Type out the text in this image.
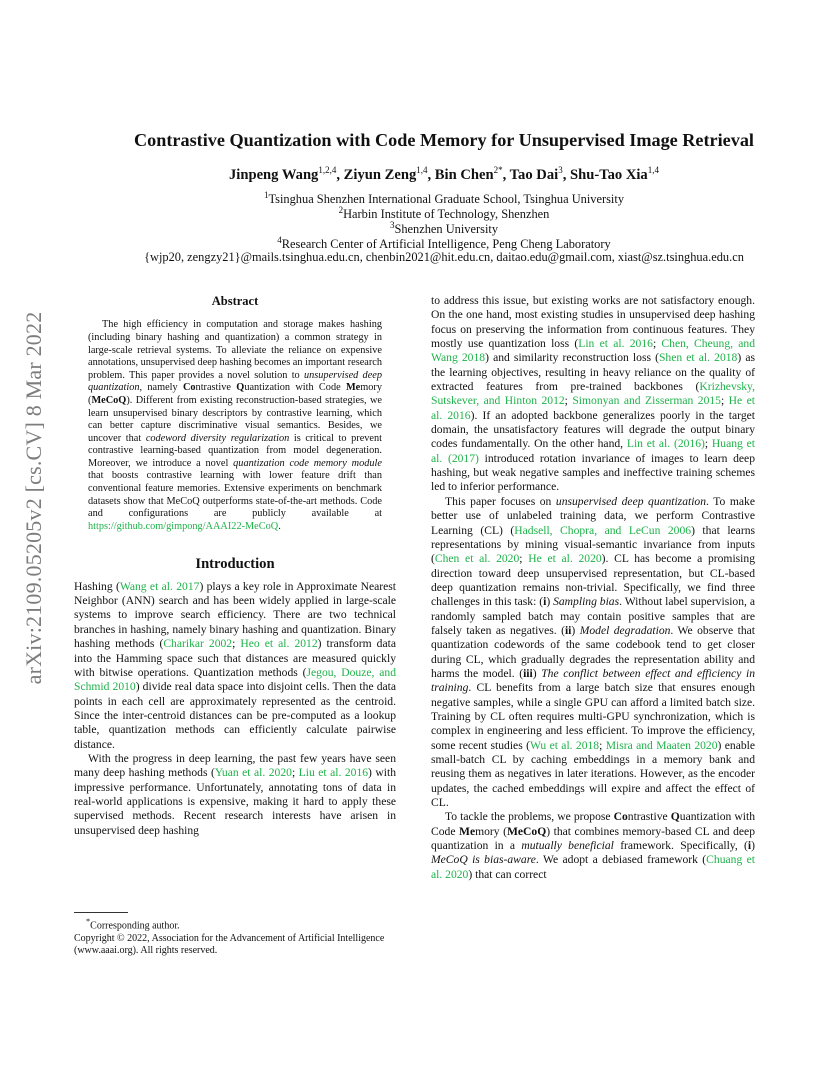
arXiv:2109.05205v2 [cs.CV] 8 Mar 2022
Contrastive Quantization with Code Memory for Unsupervised Image Retrieval
Jinpeng Wang$^{1,2,4}$, Ziyun Zeng$^{1,4}$, Bin Chen$^{2*}$, Tao Dai$^3$, Shu-Tao Xia$^{1,4}$
$^1$Tsinghua Shenzhen International Graduate School, Tsinghua University
$^2$Harbin Institute of Technology, Shenzhen
$^3$Shenzhen University
$^4$Research Center of Artificial Intelligence, Peng Cheng Laboratory
{wjp20, zengzy21}@mails.tsinghua.edu.cn, chenbin2021@hit.edu.cn, daitao.edu@gmail.com, xiast@sz.tsinghua.edu.cn

Abstract

The high efficiency in computation and storage makes hashing (including binary hashing and quantization) a common strategy in large-scale retrieval systems. To alleviate the reliance on expensive annotations, unsupervised deep hashing becomes an important research problem. This paper provides a novel solution to unsupervised deep quantization, namely Contrastive Quantization with Code Memory (MeCoQ). Different from existing reconstruction-based strategies, we learn unsupervised binary descriptors by contrastive learning, which can better capture discriminative visual semantics. Besides, we uncover that codeword diversity regularization is critical to prevent contrastive learning-based quantization from model degeneration. Moreover, we introduce a novel quantization code memory module that boosts contrastive learning with lower feature drift than conventional feature memories. Extensive experiments on benchmark datasets show that MeCoQ outperforms state-of-the-art methods. Code and configurations are publicly available at https://github.com/gimpong/AAAI22-MeCoQ.

Introduction

Hashing (Wang et al. 2017) plays a key role in Approximate Nearest Neighbor (ANN) search and has been widely applied in large-scale systems to improve search efficiency. There are two technical branches in hashing, namely binary hashing and quantization. Binary hashing methods (Charikar 2002; Heo et al. 2012) transform data into the Hamming space such that distances are measured quickly with bitwise operations. Quantization methods (Jegou, Douze, and Schmid 2010) divide real data space into disjoint cells. Then the data points in each cell are approximately represented as the centroid. Since the inter-centroid distances can be pre-computed as a lookup table, quantization methods can efficiently calculate pairwise distance.

With the progress in deep learning, the past few years have seen many deep hashing methods (Yuan et al. 2020; Liu et al. 2016) with impressive performance. Unfortunately, annotating tons of data in real-world applications is expensive, making it hard to apply these supervised methods. Recent research interests have arisen in unsupervised deep hashing

*Corresponding author.

Copyright © 2022, Association for the Advancement of Artificial Intelligence (www.aaai.org). All rights reserved.

to address this issue, but existing works are not satisfactory enough. On the one hand, most existing studies in unsupervised deep hashing focus on preserving the information from continuous features. They mostly use quantization loss (Lin et al. 2016; Chen, Cheung, and Wang 2018) and similarity reconstruction loss (Shen et al. 2018) as the learning objectives, resulting in heavy reliance on the quality of extracted features from pre-trained backbones (Krizhevsky, Sutskever, and Hinton 2012; Simonyan and Zisserman 2015; He et al. 2016). If an adopted backbone generalizes poorly in the target domain, the unsatisfactory features will degrade the output binary codes fundamentally. On the other hand, Lin et al. (2016); Huang et al. (2017) introduced rotation invariance of images to learn deep hashing, but weak negative samples and ineffective training schemes led to inferior performance.

This paper focuses on unsupervised deep quantization. To make better use of unlabeled training data, we perform Contrastive Learning (CL) (Hadsell, Chopra, and LeCun 2006) that learns representations by mining visual-semantic invariance from inputs (Chen et al. 2020; He et al. 2020). CL has become a promising direction toward deep unsupervised representation, but CL-based deep quantization remains non-trivial. Specifically, we find three challenges in this task: (i) Sampling bias. Without label supervision, a randomly sampled batch may contain positive samples that are falsely taken as negatives. (ii) Model degradation. We observe that quantization codewords of the same codebook tend to get closer during CL, which gradually degrades the representation ability and harms the model. (iii) The conflict between effect and efficiency in training. CL benefits from a large batch size that ensures enough negative samples, while a single GPU can afford a limited batch size. Training by CL often requires multi-GPU synchronization, which is complex in engineering and less efficient. To improve the efficiency, some recent studies (Wu et al. 2018; Misra and Maaten 2020) enable small-batch CL by caching embeddings in a memory bank and reusing them as negatives in later iterations. However, as the encoder updates, the cached embeddings will expire and affect the effect of CL.

To tackle the problems, we propose Contrastive Quantization with Code Memory (MeCoQ) that combines memory-based CL and deep quantization in a mutually beneficial framework. Specifically, (i) MeCoQ is bias-aware. We adopt a debiased framework (Chuang et al. 2020) that can correct
